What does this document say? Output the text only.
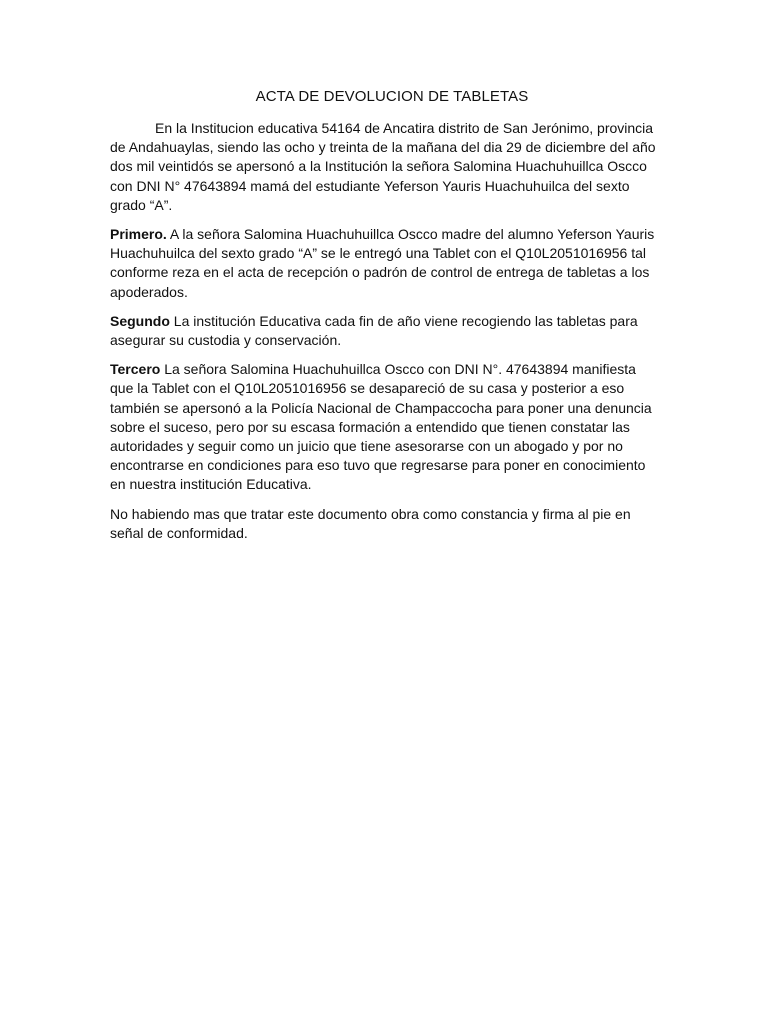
ACTA DE DEVOLUCION DE TABLETAS

En la Institucion educativa 54164 de Ancatira distrito de San Jerónimo, provincia de Andahuaylas, siendo las ocho y treinta de la mañana del dia 29 de diciembre del año dos mil veintidós se apersonó a la Institución la señora Salomina Huachuhuillca Oscco con DNI N° 47643894 mamá del estudiante Yeferson Yauris Huachuhuilca del sexto grado “A”.

Primero. A la señora Salomina Huachuhuillca Oscco madre del alumno Yeferson Yauris Huachuhuilca del sexto grado “A” se le entregó una Tablet con el Q10L2051016956 tal conforme reza en el acta de recepción o padrón de control de entrega de tabletas a los apoderados.

Segundo La institución Educativa cada fin de año viene recogiendo las tabletas para asegurar su custodia y conservación.

Tercero La señora Salomina Huachuhuillca Oscco con DNI N°. 47643894 manifiesta que la Tablet con el Q10L2051016956 se desapareció de su casa y posterior a eso también se apersonó a la Policía Nacional de Champaccocha para poner una denuncia sobre el suceso, pero por su escasa formación a entendido que tienen constatar las autoridades y seguir como un juicio que tiene asesorarse con un abogado y por no encontrarse en condiciones para eso tuvo que regresarse para poner en conocimiento en nuestra institución Educativa.

No habiendo mas que tratar este documento obra como constancia y firma al pie en señal de conformidad.
